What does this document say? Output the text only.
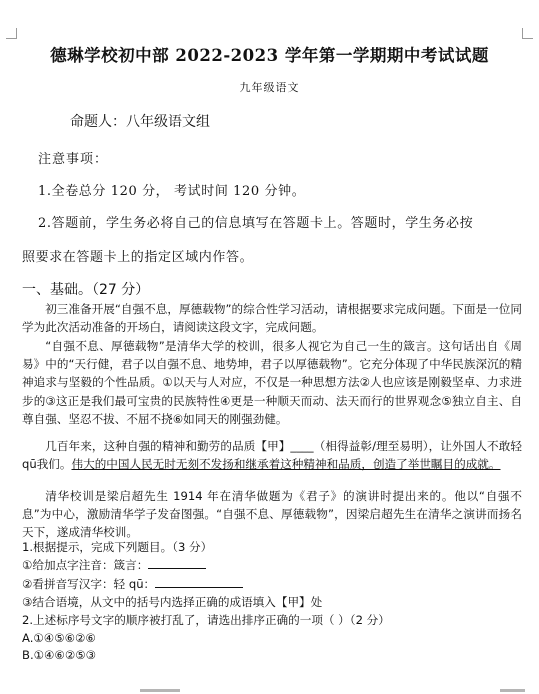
德琳学校初中部 2022-2023 学年第一学期期中考试试题
九年级语文
命题人：八年级语文组
注意事项：
1.全卷总分 120 分， 考试时间 120 分钟。
2.答题前，学生务必将自己的信息填写在答题卡上。答题时，学生务必按
照要求在答题卡上的指定区域内作答。
一、基础。（27 分）
初三准备开展“自强不息，厚德载物”的综合性学习活动，请根据要求完成问题。下面是一位同学为此次活动准备的开场白，请阅读这段文字，完成问题。
“自强不息、厚德载物”是清华大学的校训，很多人视它为自己一生的箴言。这句话出自《周易》中的“天行健，君子以自强不息、地势坤，君子以厚德载物”。它充分体现了中华民族深沉的精神追求与坚毅的个性品质。①以天与人对应，不仅是一种思想方法②人也应该是刚毅坚卓、力求进步的③这正是我们最可宝贵的民族特性④更是一种顺天而动、法天而行的世界观念⑤独立自主、自尊自强、坚忍不拔、不屈不挠⑥如同天的刚强劲健。
几百年来，这种自强的精神和勤劳的品质【甲】____（相得益彰/理至易明），让外国人不敢轻 qū我们。伟大的中国人民无时无刻不发扬和继承着这种精神和品质，创造了举世瞩目的成就。
清华校训是梁启超先生 1914 年在清华做题为《君子》的演讲时提出来的。他以“自强不息”为中心，激励清华学子发奋图强。“自强不息、厚德载物”，因梁启超先生在清华之演讲而扬名天下，遂成清华校训。
1.根据提示，完成下列题目。（3 分）
①给加点字注音：箴言：
②看拼音写汉字：轻 qū：
③结合语境，从文中的括号内选择正确的成语填入【甲】处
2.上述标序号文字的顺序被打乱了，请选出排序正确的一项（ ）（2 分）
A.①④⑤⑥②⑥
B.①④⑥②⑤③
